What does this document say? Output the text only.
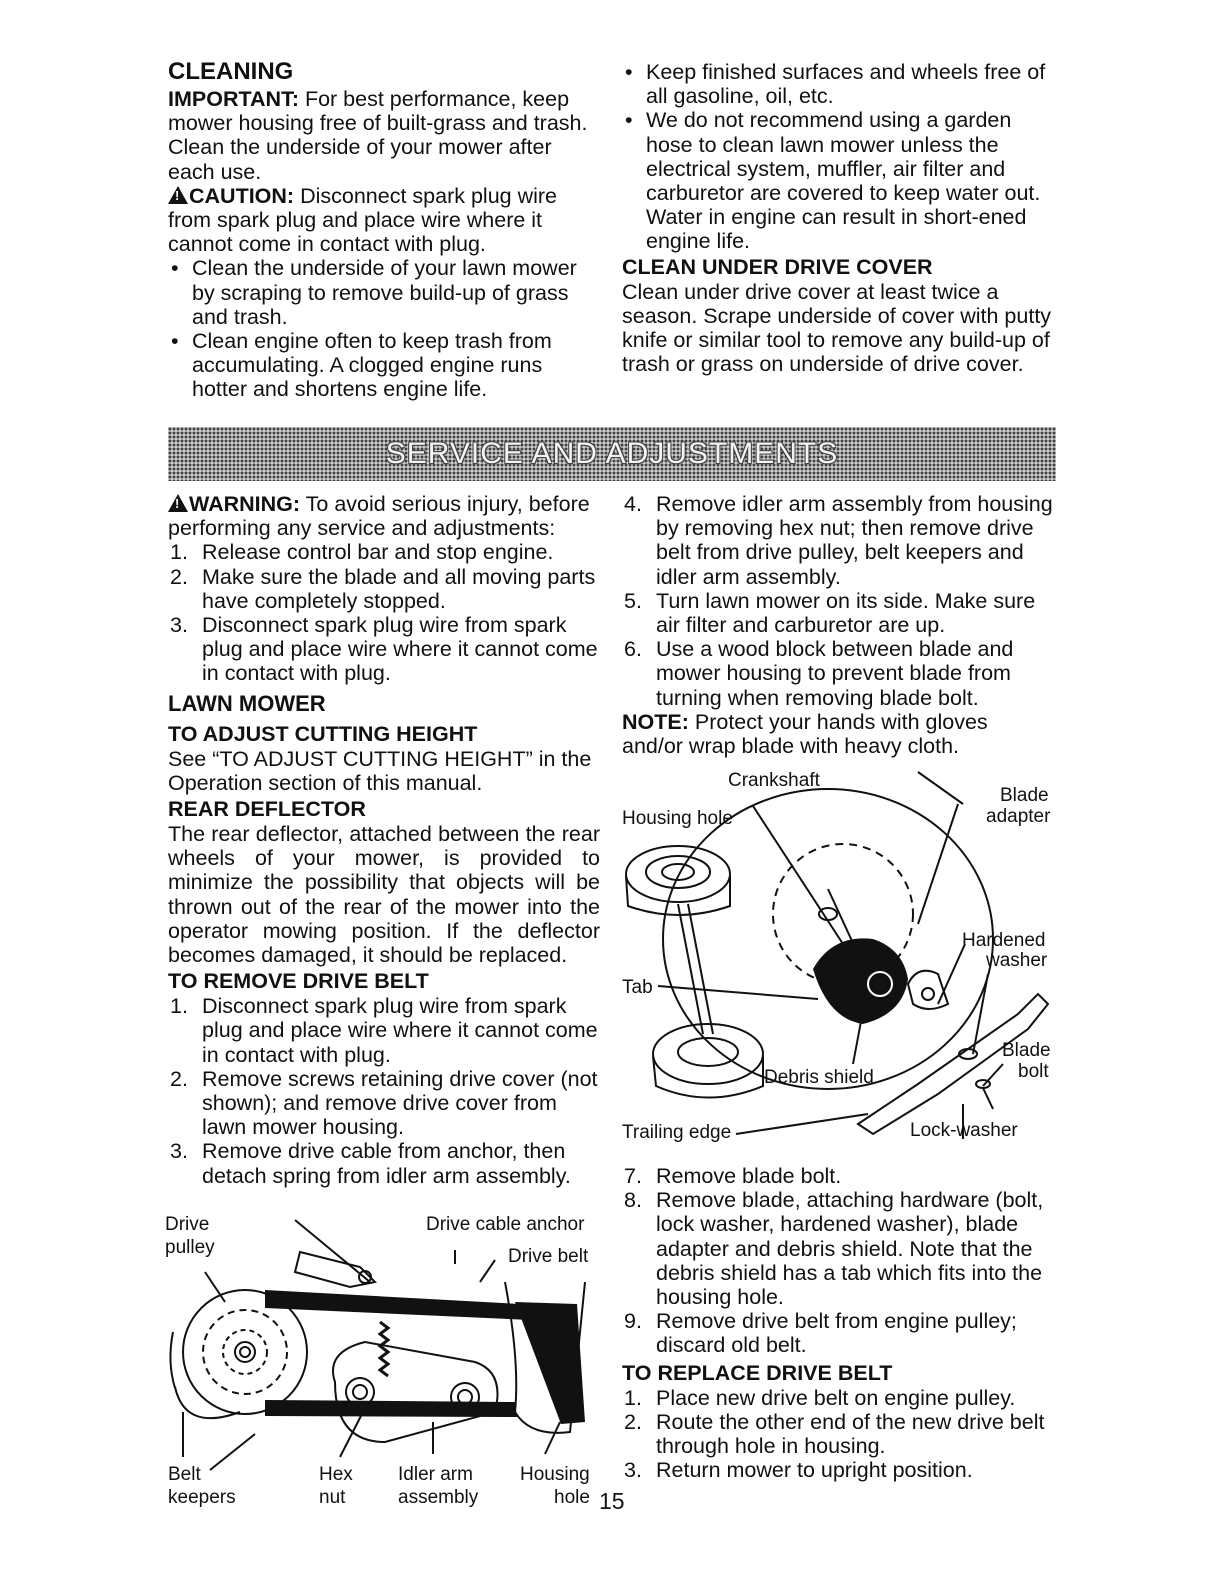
CLEANING

IMPORTANT: For best performance, keep mower housing free of built-grass and trash. Clean the underside of your mower after each use.

!CAUTION: Disconnect spark plug wire from spark plug and place wire where it cannot come in contact with plug.

• Clean the underside of your lawn mower by scraping to remove build-up of grass and trash.

• Clean engine often to keep trash from accumulating. A clogged engine runs hotter and shortens engine life.

• Keep finished surfaces and wheels free of all gasoline, oil, etc.

• We do not recommend using a garden hose to clean lawn mower unless the electrical system, muffler, air filter and carburetor are covered to keep water out. Water in engine can result in short-ened engine life.

CLEAN UNDER DRIVE COVER

Clean under drive cover at least twice a season. Scrape underside of cover with putty knife or similar tool to remove any build-up of trash or grass on underside of drive cover.

SERVICE AND ADJUSTMENTS

!WARNING: To avoid serious injury, before performing any service and adjustments:

1. Release control bar and stop engine.

2. Make sure the blade and all moving parts have completely stopped.

3. Disconnect spark plug wire from spark plug and place wire where it cannot come in contact with plug.

LAWN MOWER
TO ADJUST CUTTING HEIGHT

See “TO ADJUST CUTTING HEIGHT” in the Operation section of this manual.

REAR DEFLECTOR

The rear deflector, attached between the rear wheels of your mower, is provided to minimize the possibility that objects will be thrown out of the rear of the mower into the operator mowing position. If the deflector becomes damaged, it should be replaced.

TO REMOVE DRIVE BELT

1. Disconnect spark plug wire from spark plug and place wire where it cannot come in contact with plug.

2. Remove screws retaining drive cover (not shown); and remove drive cover from lawn mower housing.

3. Remove drive cable from anchor, then detach spring from idler arm assembly.

Drive
pulley
Drive cable anchor
Drive belt
Belt
keepers
Hex
nut
Idler arm
assembly
Housing
hole

4. Remove idler arm assembly from housing by removing hex nut; then remove drive belt from drive pulley, belt keepers and idler arm assembly.

5. Turn lawn mower on its side. Make sure air filter and carburetor are up.

6. Use a wood block between blade and mower housing to prevent blade from turning when removing blade bolt.

NOTE: Protect your hands with gloves and/or wrap blade with heavy cloth.

Crankshaft
Housing hole
Blade
adapter
Hardened
washer
Tab
Blade
bolt
Debris shield
Trailing edge	Lock-washer

7. Remove blade bolt.

8. Remove blade, attaching hardware (bolt, lock washer, hardened washer), blade adapter and debris shield. Note that the debris shield has a tab which fits into the housing hole.

9. Remove drive belt from engine pulley; discard old belt.

TO REPLACE DRIVE BELT

1. Place new drive belt on engine pulley.

2. Route the other end of the new drive belt through hole in housing.

3. Return mower to upright position.

15
